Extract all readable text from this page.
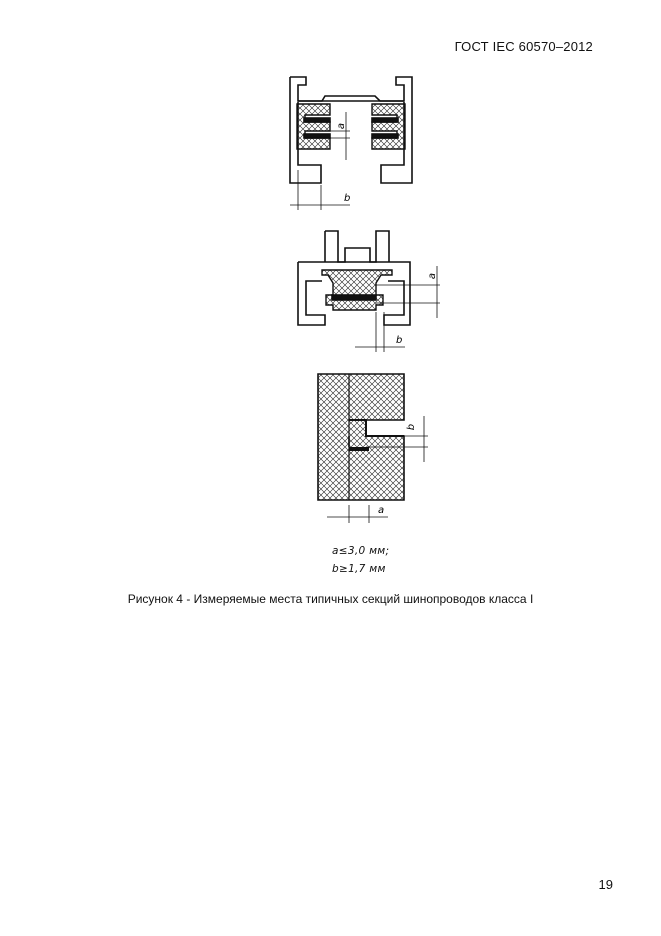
ГОСТ IEC 60570–2012
a
b
a
b
b
a
a≤3,0 мм;
b≥1,7 мм
Рисунок 4 - Измеряемые места типичных секций шинопроводов класса I
19
